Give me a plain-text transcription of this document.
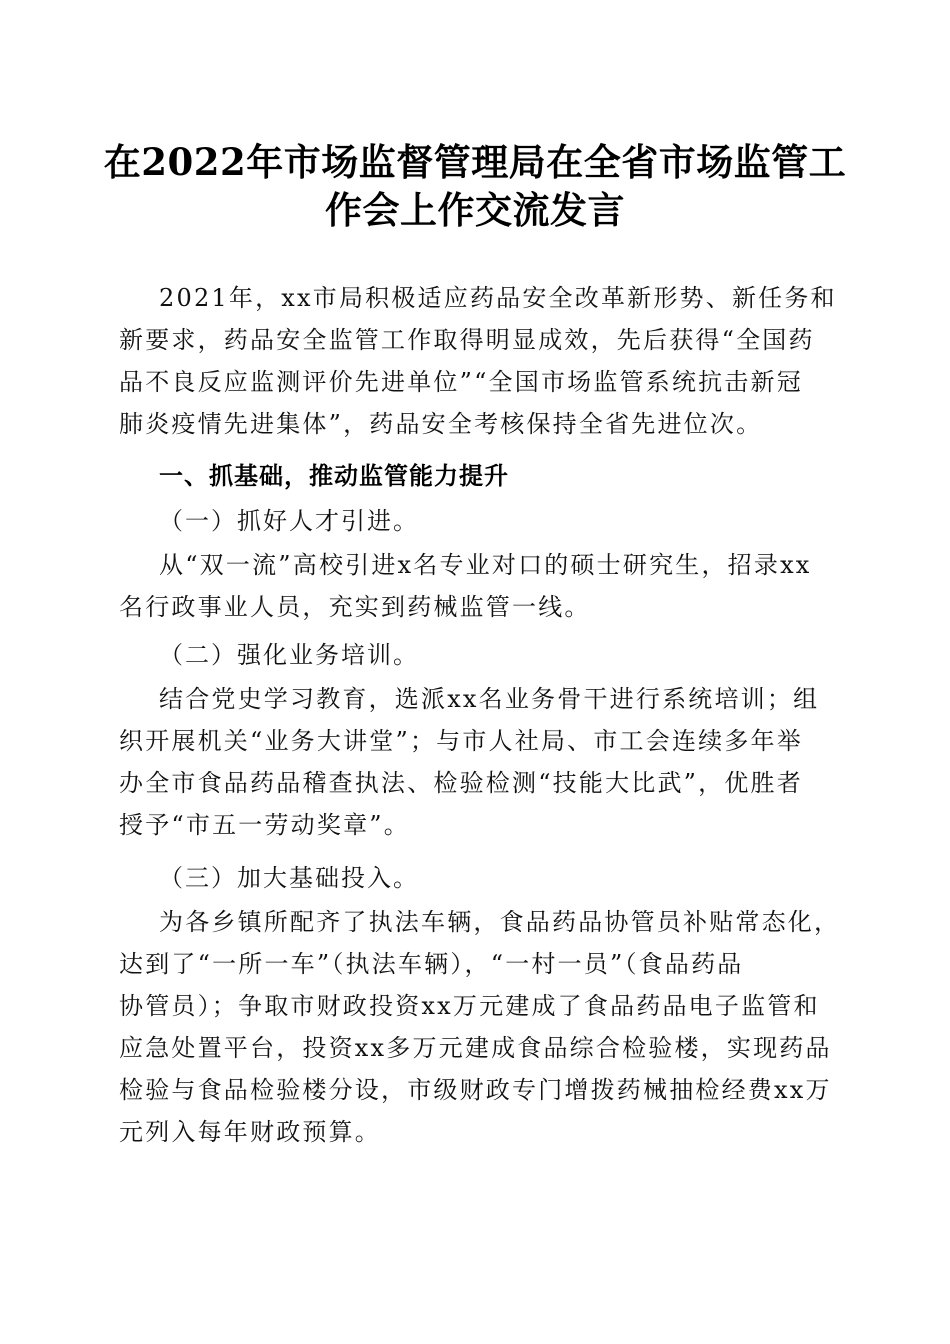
在2022年市场监督管理局在全省市场监管工
作会上作交流发言
2021年，xx市局积极适应药品安全改革新形势、新任务和
新要求，药品安全监管工作取得明显成效，先后获得“全国药
品不良反应监测评价先进单位”“全国市场监管系统抗击新冠
肺炎疫情先进集体”，药品安全考核保持全省先进位次。
一、抓基础，推动监管能力提升
（一）抓好人才引进。
从“双一流”高校引进x名专业对口的硕士研究生，招录xx
名行政事业人员，充实到药械监管一线。
（二）强化业务培训。
结合党史学习教育，选派xx名业务骨干进行系统培训；组
织开展机关“业务大讲堂”；与市人社局、市工会连续多年举
办全市食品药品稽查执法、检验检测“技能大比武”，优胜者
授予“市五一劳动奖章”。
（三）加大基础投入。
为各乡镇所配齐了执法车辆，食品药品协管员补贴常态化，
达到了“一所一车”（执法车辆），“一村一员”（食品药品
协管员）；争取市财政投资xx万元建成了食品药品电子监管和
应急处置平台，投资xx多万元建成食品综合检验楼，实现药品
检验与食品检验楼分设，市级财政专门增拨药械抽检经费xx万
元列入每年财政预算。
